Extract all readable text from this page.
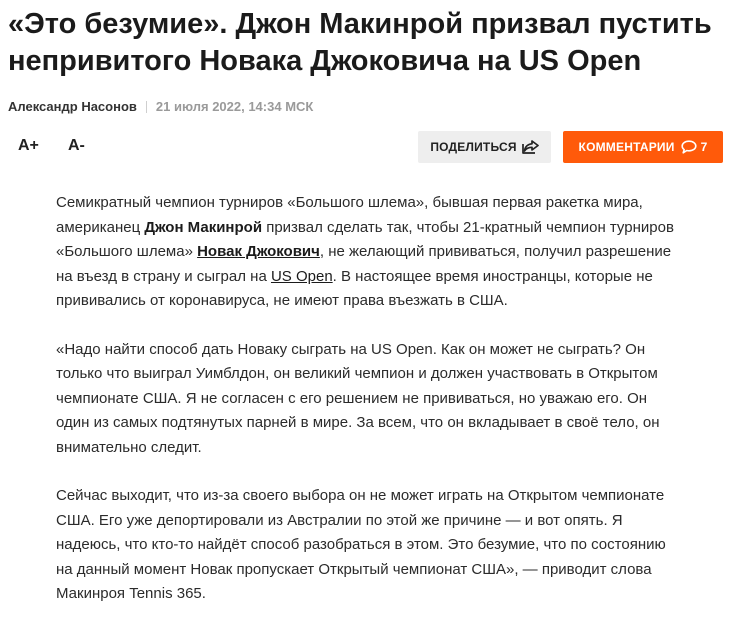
«Это безумие». Джон Макинрой призвал пустить непривитого Новака Джоковича на US Open
Александр Насонов 21 июля 2022, 14:34 МСК
A+ A-	ПОДЕЛИТЬСЯ	КОММЕНТАРИИ 7

Семикратный чемпион турниров «Большого шлема», бывшая первая ракетка мира, американец Джон Макинрой призвал сделать так, чтобы 21-кратный чемпион турниров «Большого шлема» Новак Джокович, не желающий прививаться, получил разрешение на въезд в страну и сыграл на US Open. В настоящее время иностранцы, которые не прививались от коронавируса, не имеют права въезжать в США.

«Надо найти способ дать Новаку сыграть на US Open. Как он может не сыграть? Он только что выиграл Уимблдон, он великий чемпион и должен участвовать в Открытом чемпионате США. Я не согласен с его решением не прививаться, но уважаю его. Он один из самых подтянутых парней в мире. За всем, что он вкладывает в своё тело, он внимательно следит.

Сейчас выходит, что из-за своего выбора он не может играть на Открытом чемпионате США. Его уже депортировали из Австралии по этой же причине — и вот опять. Я надеюсь, что кто-то найдёт способ разобраться в этом. Это безумие, что по состоянию на данный момент Новак пропускает Открытый чемпионат США», — приводит слова Макинроя Tennis 365.
